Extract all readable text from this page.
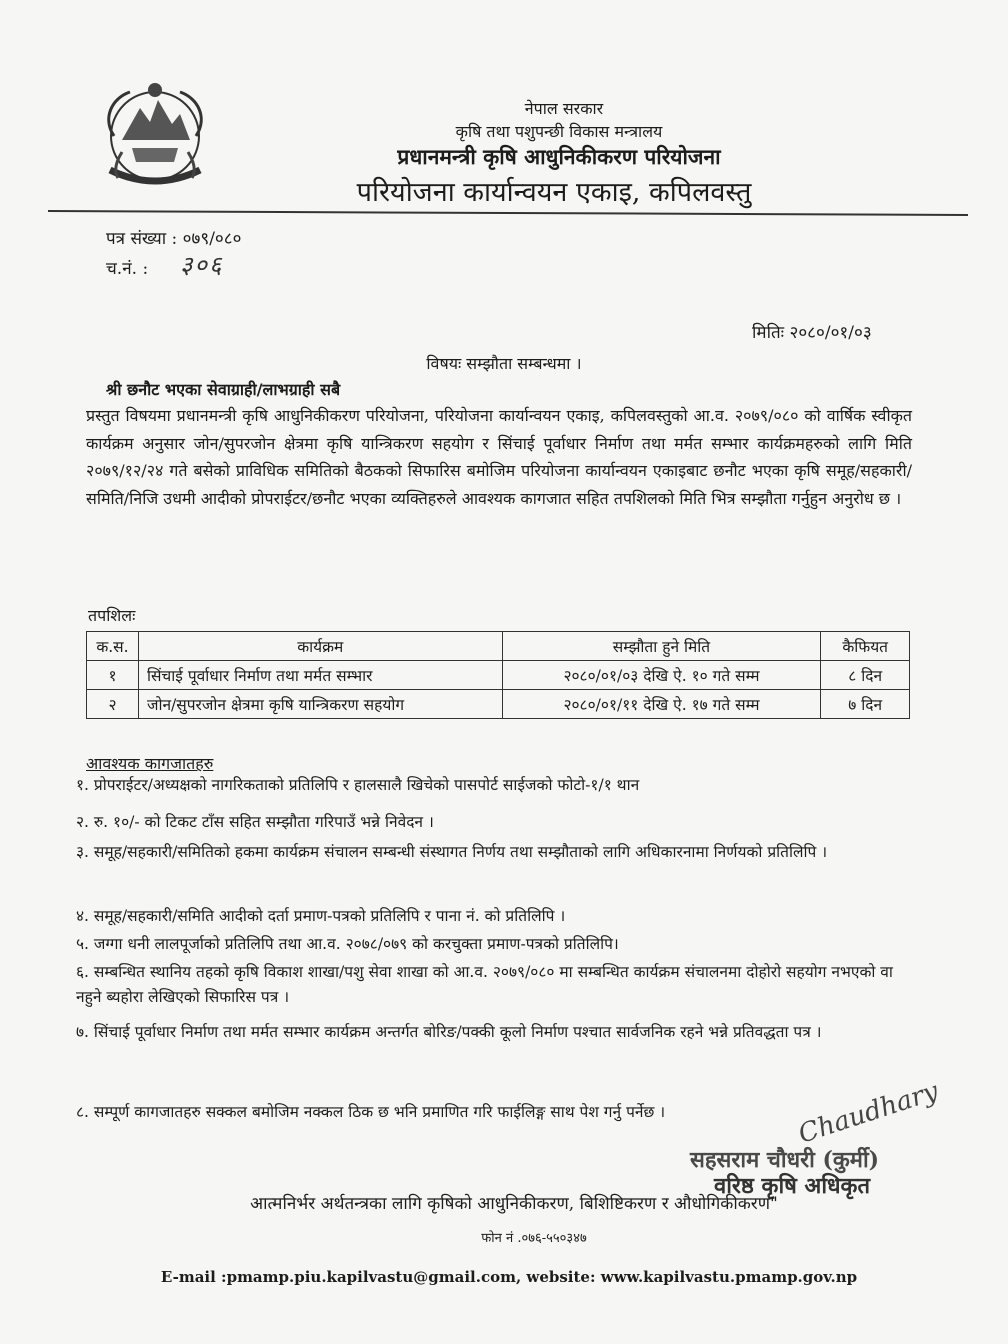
नेपाल सरकार
कृषि तथा पशुपन्छी विकास मन्त्रालय
प्रधानमन्त्री कृषि आधुनिकीकरण परियोजना
परियोजना कार्यान्वयन एकाइ, कपिलवस्तु
पत्र संख्या : ०७९/०८०
च.नं. : ३०६
मितिः २०८०/०१/०३
विषयः सम्झौता सम्बन्धमा ।
श्री छनौट भएका सेवाग्राही/लाभग्राही सबै
प्रस्तुत विषयमा प्रधानमन्त्री कृषि आधुनिकीकरण परियोजना, परियोजना कार्यान्वयन एकाइ, कपिलवस्तुको आ.व. २०७९/०८० को वार्षिक स्वीकृत कार्यक्रम अनुसार जोन/सुपरजोन क्षेत्रमा कृषि यान्त्रिकरण सहयोग र सिंचाई पूर्वाधार निर्माण तथा मर्मत सम्भार कार्यक्रमहरुको लागि मिति २०७९/१२/२४ गते बसेको प्राविधिक समितिको बैठकको सिफारिस बमोजिम परियोजना कार्यान्वयन एकाइबाट छनौट भएका कृषि समूह/सहकारी/समिति/निजि उधमी आदीको प्रोपराईटर/छनौट भएका व्यक्तिहरुले आवश्यक कागजात सहित तपशिलको मिति भित्र सम्झौता गर्नुहुन अनुरोध छ ।
तपशिलः
क.स.	कार्यक्रम	सम्झौता हुने मिति	कैफियत
१	सिंचाई पूर्वाधार निर्माण तथा मर्मत सम्भार	२०८०/०१/०३ देखि ऐ. १० गते सम्म	८ दिन
२	जोन/सुपरजोन क्षेत्रमा कृषि यान्त्रिकरण सहयोग	२०८०/०१/११ देखि ऐ. १७ गते सम्म	७ दिन
आवश्यक कागजातहरु
१. प्रोपराईटर/अध्यक्षको नागरिकताको प्रतिलिपि र हालसालै खिचेको पासपोर्ट साईजको फोटो-१/१ थान
२. रु. १०/- को टिकट टाँस सहित सम्झौता गरिपाउँ भन्ने निवेदन ।
३. समूह/सहकारी/समितिको हकमा कार्यक्रम संचालन सम्बन्धी संस्थागत निर्णय तथा सम्झौताको लागि अधिकारनामा निर्णयको प्रतिलिपि ।
४. समूह/सहकारी/समिति आदीको दर्ता प्रमाण-पत्रको प्रतिलिपि र पाना नं. को प्रतिलिपि ।
५. जग्गा धनी लालपूर्जाको प्रतिलिपि तथा आ.व. २०७८/०७९ को करचुक्ता प्रमाण-पत्रको प्रतिलिपि।
६. सम्बन्धित स्थानिय तहको कृषि विकाश शाखा/पशु सेवा शाखा को आ.व. २०७९/०८० मा सम्बन्धित कार्यक्रम संचालनमा दोहोरो सहयोग नभएको वा नहुने ब्यहोरा लेखिएको सिफारिस पत्र ।
७. सिंचाई पूर्वाधार निर्माण तथा मर्मत सम्भार कार्यक्रम अन्तर्गत बोरिङ/पक्की कूलो निर्माण पश्चात सार्वजनिक रहने भन्ने प्रतिवद्धता पत्र ।
८. सम्पूर्ण कागजातहरु सक्कल बमोजिम नक्कल ठिक छ भनि प्रमाणित गरि फाईलिङ्ग साथ पेश गर्नु पर्नेछ ।	Chaudhary
सहसराम चौधरी (कुर्मी)
वरिष्ठ कृषि अधिकृत
आत्मनिर्भर अर्थतन्त्रका लागि कृषिको आधुनिकीकरण, बिशिष्टिकरण र औधोगिकीकरण"
फोन नं .०७६-५५०३४७
E-mail :pmamp.piu.kapilvastu@gmail.com, website: www.kapilvastu.pmamp.gov.np
